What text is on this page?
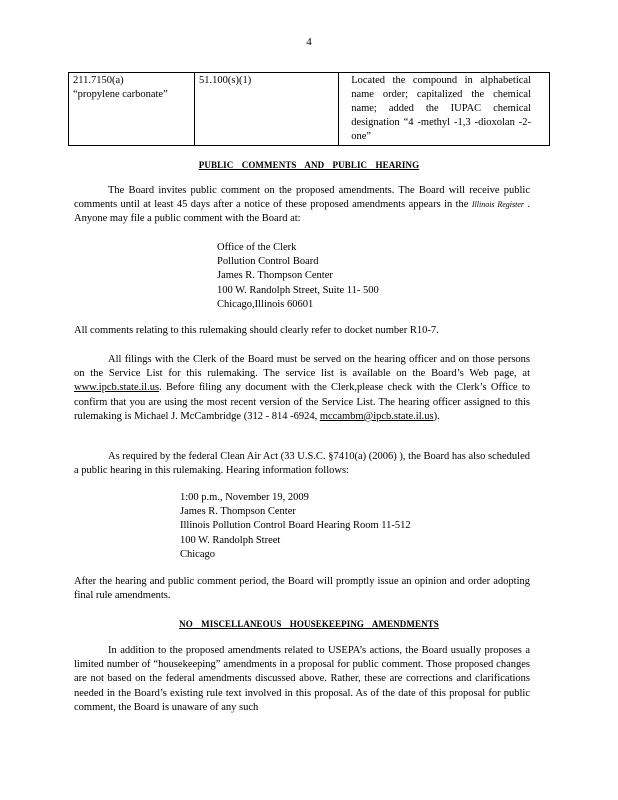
4
211.7150(a)
“propylene carbonate”
	51.100(s)(1)	Located the compound in alphabetical name order; capitalized the chemical name; added the IUPAC chemical designation “4 -methyl -1,3 -dioxolan -2-one”
PUBLIC COMMENTS AND PUBLIC HEARING
The Board invites public comment on the proposed amendments. The Board will receive public comments until at least 45 days after a notice of these proposed amendments appears in the Illinois Register . Anyone may file a public comment with the Board at:
Office of the Clerk
Pollution Control Board
James R. Thompson Center
100 W. Randolph Street, Suite 11- 500
Chicago,Illinois 60601
All comments relating to this rulemaking should clearly refer to docket number R10-7.
All filings with the Clerk of the Board must be served on the hearing officer and on those persons on the Service List for this rulemaking. The service list is available on the Board’s Web page, at www.ipcb.state.il.us. Before filing any document with the Clerk,please check with the Clerk’s Office to confirm that you are using the most recent version of the Service List. The hearing officer assigned to this rulemaking is Michael J. McCambridge (312 - 814 -6924, mccambm@ipcb.state.il.us).
As required by the federal Clean Air Act (33 U.S.C. §7410(a) (2006) ), the Board has also scheduled a public hearing in this rulemaking. Hearing information follows:
1:00 p.m., November 19, 2009
James R. Thompson Center
Illinois Pollution Control Board Hearing Room 11-512
100 W. Randolph Street
Chicago
After the hearing and public comment period, the Board will promptly issue an opinion and order adopting final rule amendments.
NO MISCELLANEOUS HOUSEKEEPING AMENDMENTS
In addition to the proposed amendments related to USEPA’s actions, the Board usually proposes a limited number of “housekeeping” amendments in a proposal for public comment. Those proposed changes are not based on the federal amendments discussed above. Rather, these are corrections and clarifications needed in the Board’s existing rule text involved in this proposal. As of the date of this proposal for public comment, the Board is unaware of any such
